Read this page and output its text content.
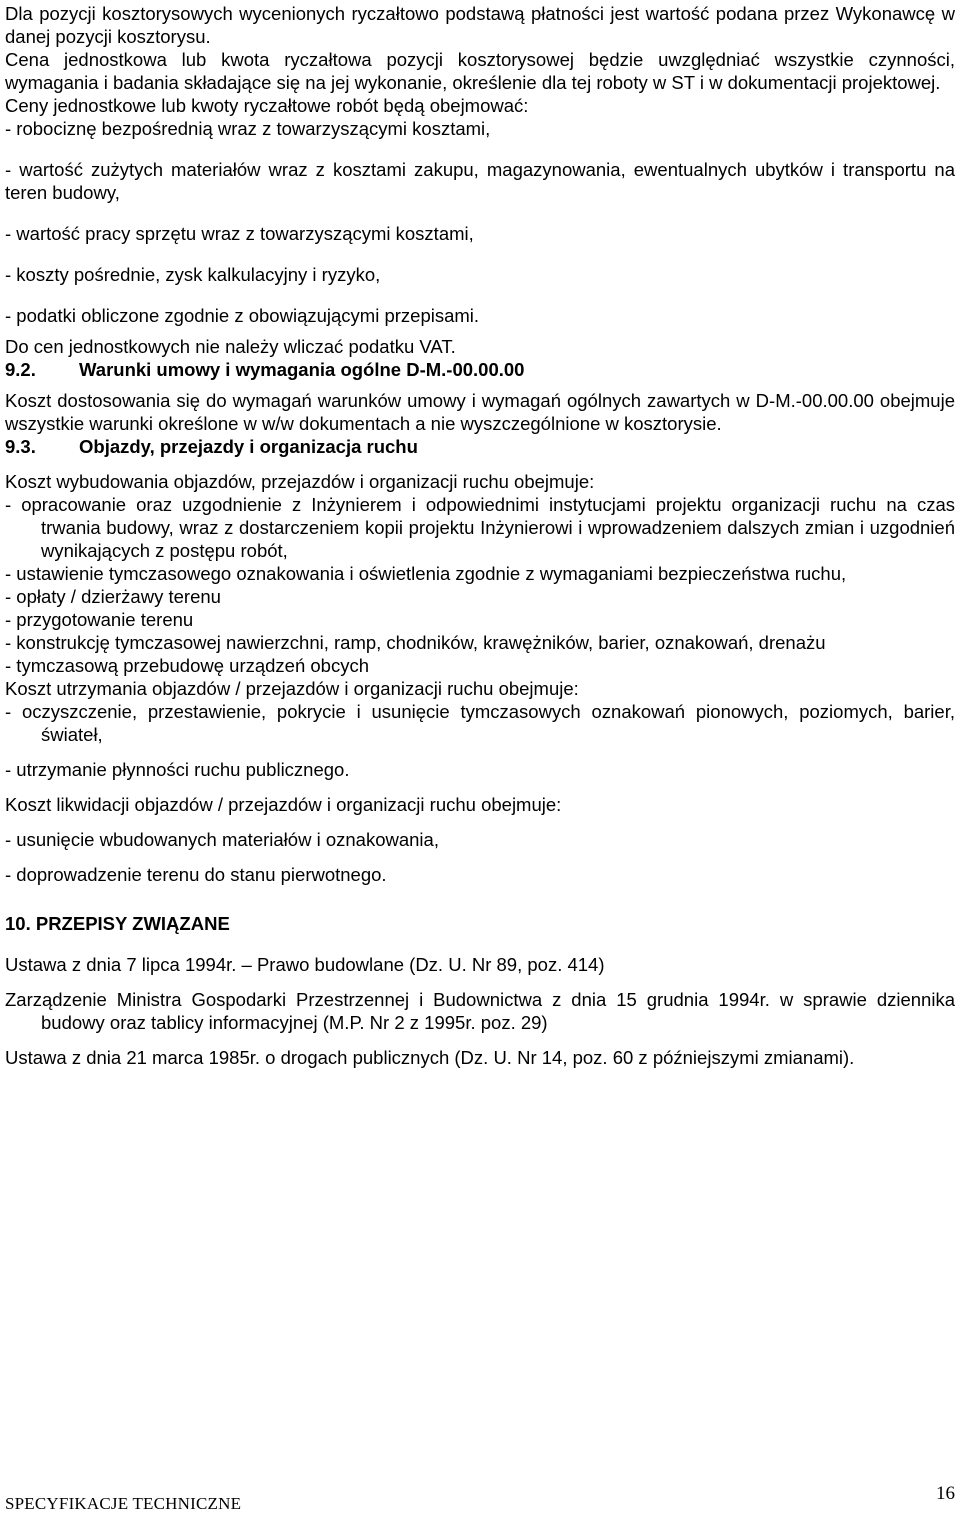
Dla pozycji kosztorysowych wycenionych ryczałtowo podstawą płatności jest wartość podana przez Wykonawcę w danej pozycji kosztorysu.

Cena jednostkowa lub kwota ryczałtowa pozycji kosztorysowej będzie uwzględniać wszystkie czynności, wymagania i badania składające się na jej wykonanie, określenie dla tej roboty w ST i w dokumentacji projektowej.

Ceny jednostkowe lub kwoty ryczałtowe robót będą obejmować:

- robociznę bezpośrednią wraz z towarzyszącymi kosztami,

- wartość zużytych materiałów wraz z kosztami zakupu, magazynowania, ewentualnych ubytków i transportu na teren budowy,

- wartość pracy sprzętu wraz z towarzyszącymi kosztami,

- koszty pośrednie, zysk kalkulacyjny i ryzyko,

- podatki obliczone zgodnie z obowiązującymi przepisami.

Do cen jednostkowych nie należy wliczać podatku VAT.

9.2.	Warunki umowy i wymagania ogólne D-M.-00.00.00

Koszt dostosowania się do wymagań warunków umowy i wymagań ogólnych zawartych w D-M.-00.00.00 obejmuje wszystkie warunki określone w w/w dokumentach a nie wyszczególnione w kosztorysie.

9.3.	Objazdy, przejazdy i organizacja ruchu

Koszt wybudowania objazdów, przejazdów i organizacji ruchu obejmuje:

- opracowanie oraz uzgodnienie z Inżynierem i odpowiednimi instytucjami projektu organizacji ruchu na czas trwania budowy, wraz z dostarczeniem kopii projektu Inżynierowi i wprowadzeniem dalszych zmian i uzgodnień wynikających z postępu robót,

- ustawienie tymczasowego oznakowania i oświetlenia zgodnie z wymaganiami bezpieczeństwa ruchu,

- opłaty / dzierżawy terenu

- przygotowanie terenu

- konstrukcję tymczasowej nawierzchni, ramp, chodników, krawężników, barier, oznakowań, drenażu

- tymczasową przebudowę urządzeń obcych

Koszt utrzymania objazdów / przejazdów i organizacji ruchu obejmuje:

- oczyszczenie, przestawienie, pokrycie i usunięcie tymczasowych oznakowań pionowych, poziomych, barier, świateł,

- utrzymanie płynności ruchu publicznego.

Koszt likwidacji objazdów / przejazdów i organizacji ruchu obejmuje:

- usunięcie wbudowanych materiałów i oznakowania,

- doprowadzenie terenu do stanu pierwotnego.

10. PRZEPISY ZWIĄZANE

Ustawa z dnia 7 lipca 1994r. – Prawo budowlane (Dz. U. Nr 89, poz. 414)

Zarządzenie Ministra Gospodarki Przestrzennej i Budownictwa z dnia 15 grudnia 1994r. w sprawie dziennika budowy oraz tablicy informacyjnej (M.P. Nr 2 z 1995r. poz. 29)

Ustawa z dnia 21 marca 1985r. o drogach publicznych (Dz. U. Nr 14, poz. 60 z późniejszymi zmianami).

SPECYFIKACJE TECHNICZNE	16
